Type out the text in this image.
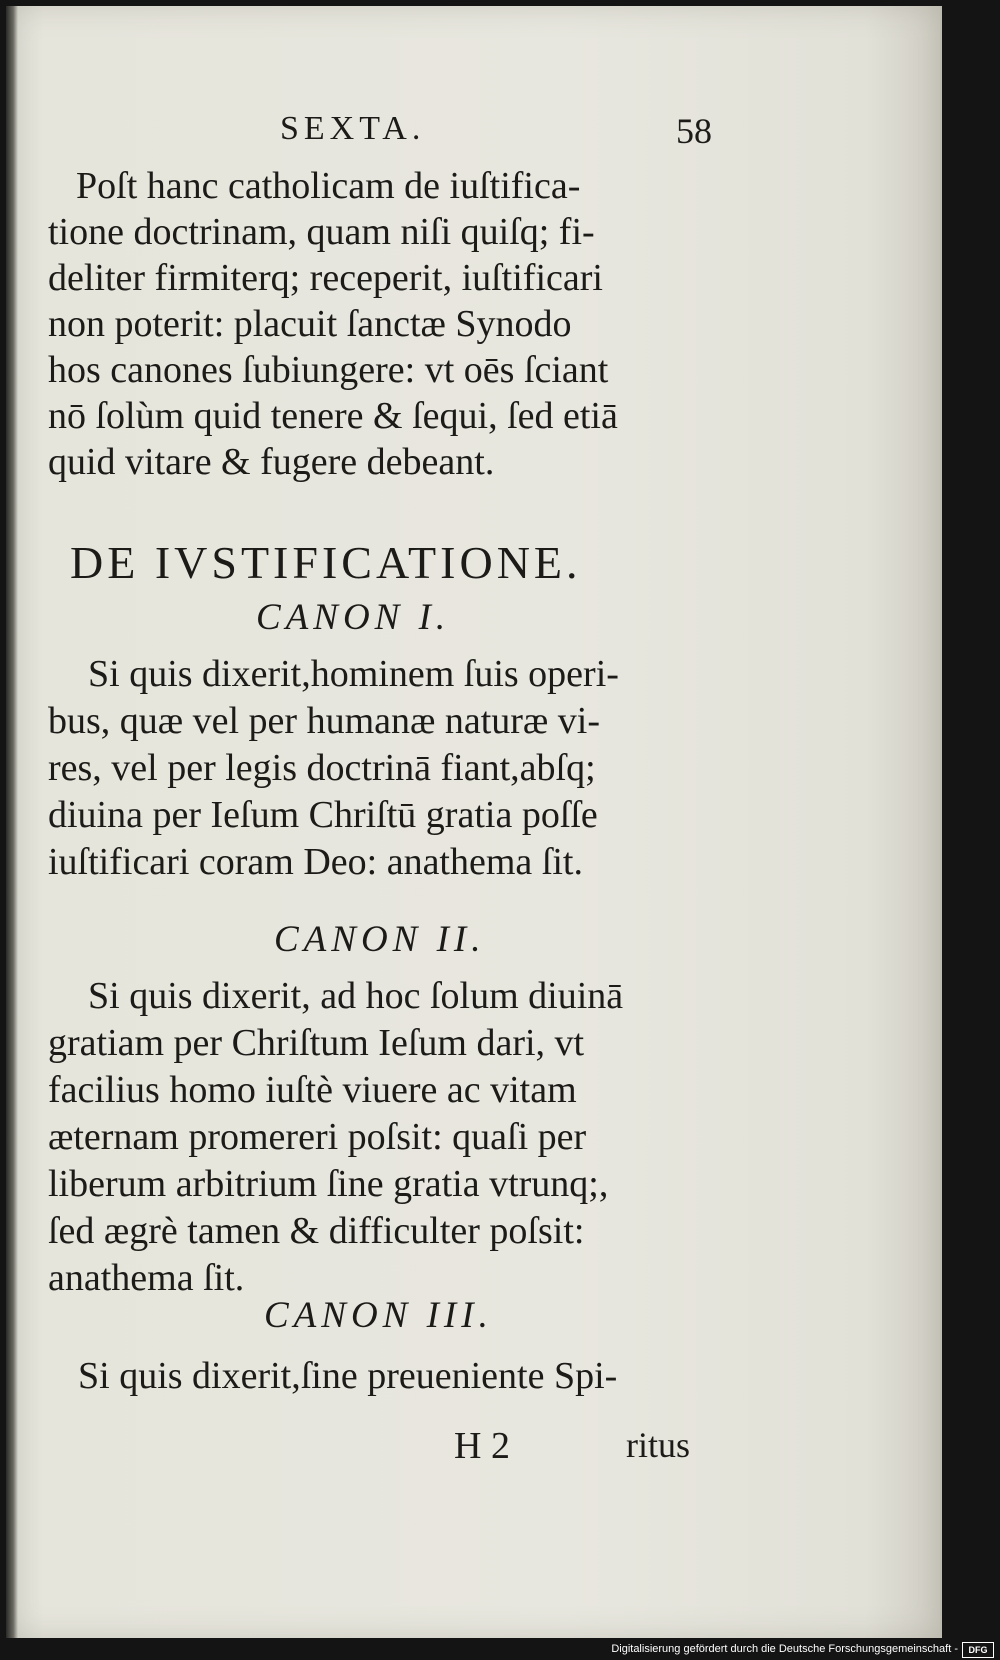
SEXTA.	58
Poſt hanc catholicam de iuſtifica-
tione doctrinam, quam niſi quiſq; fi-
deliter firmiterq; receperit, iuſtificari
non poterit: placuit ſanctæ Synodo
hos canones ſubiungere: vt oēs ſciant
nō ſolùm quid tenere & ſequi, ſed etiā
quid vitare & fugere debeant.
DE IVSTIFICATIONE.
CANON I.
Si quis dixerit,hominem ſuis operi-
bus, quæ vel per humanæ naturæ vi-
res, vel per legis doctrinā fiant,abſq;
diuina per Ieſum Chriſtū gratia poſſe
iuſtificari coram Deo: anathema ſit.
CANON II.
Si quis dixerit, ad hoc ſolum diuinā
gratiam per Chriſtum Ieſum dari, vt
facilius homo iuſtè viuere ac vitam
æternam promereri poſsit: quaſi per
liberum arbitrium ſine gratia vtrunq;,
ſed ægrè tamen & difficulter poſsit:
anathema ſit.
CANON III.
Si quis dixerit,ſine preueniente Spi-
H 2	ritus
Digitalisierung gefördert durch die Deutsche Forschungsgemeinschaft -	DFG
